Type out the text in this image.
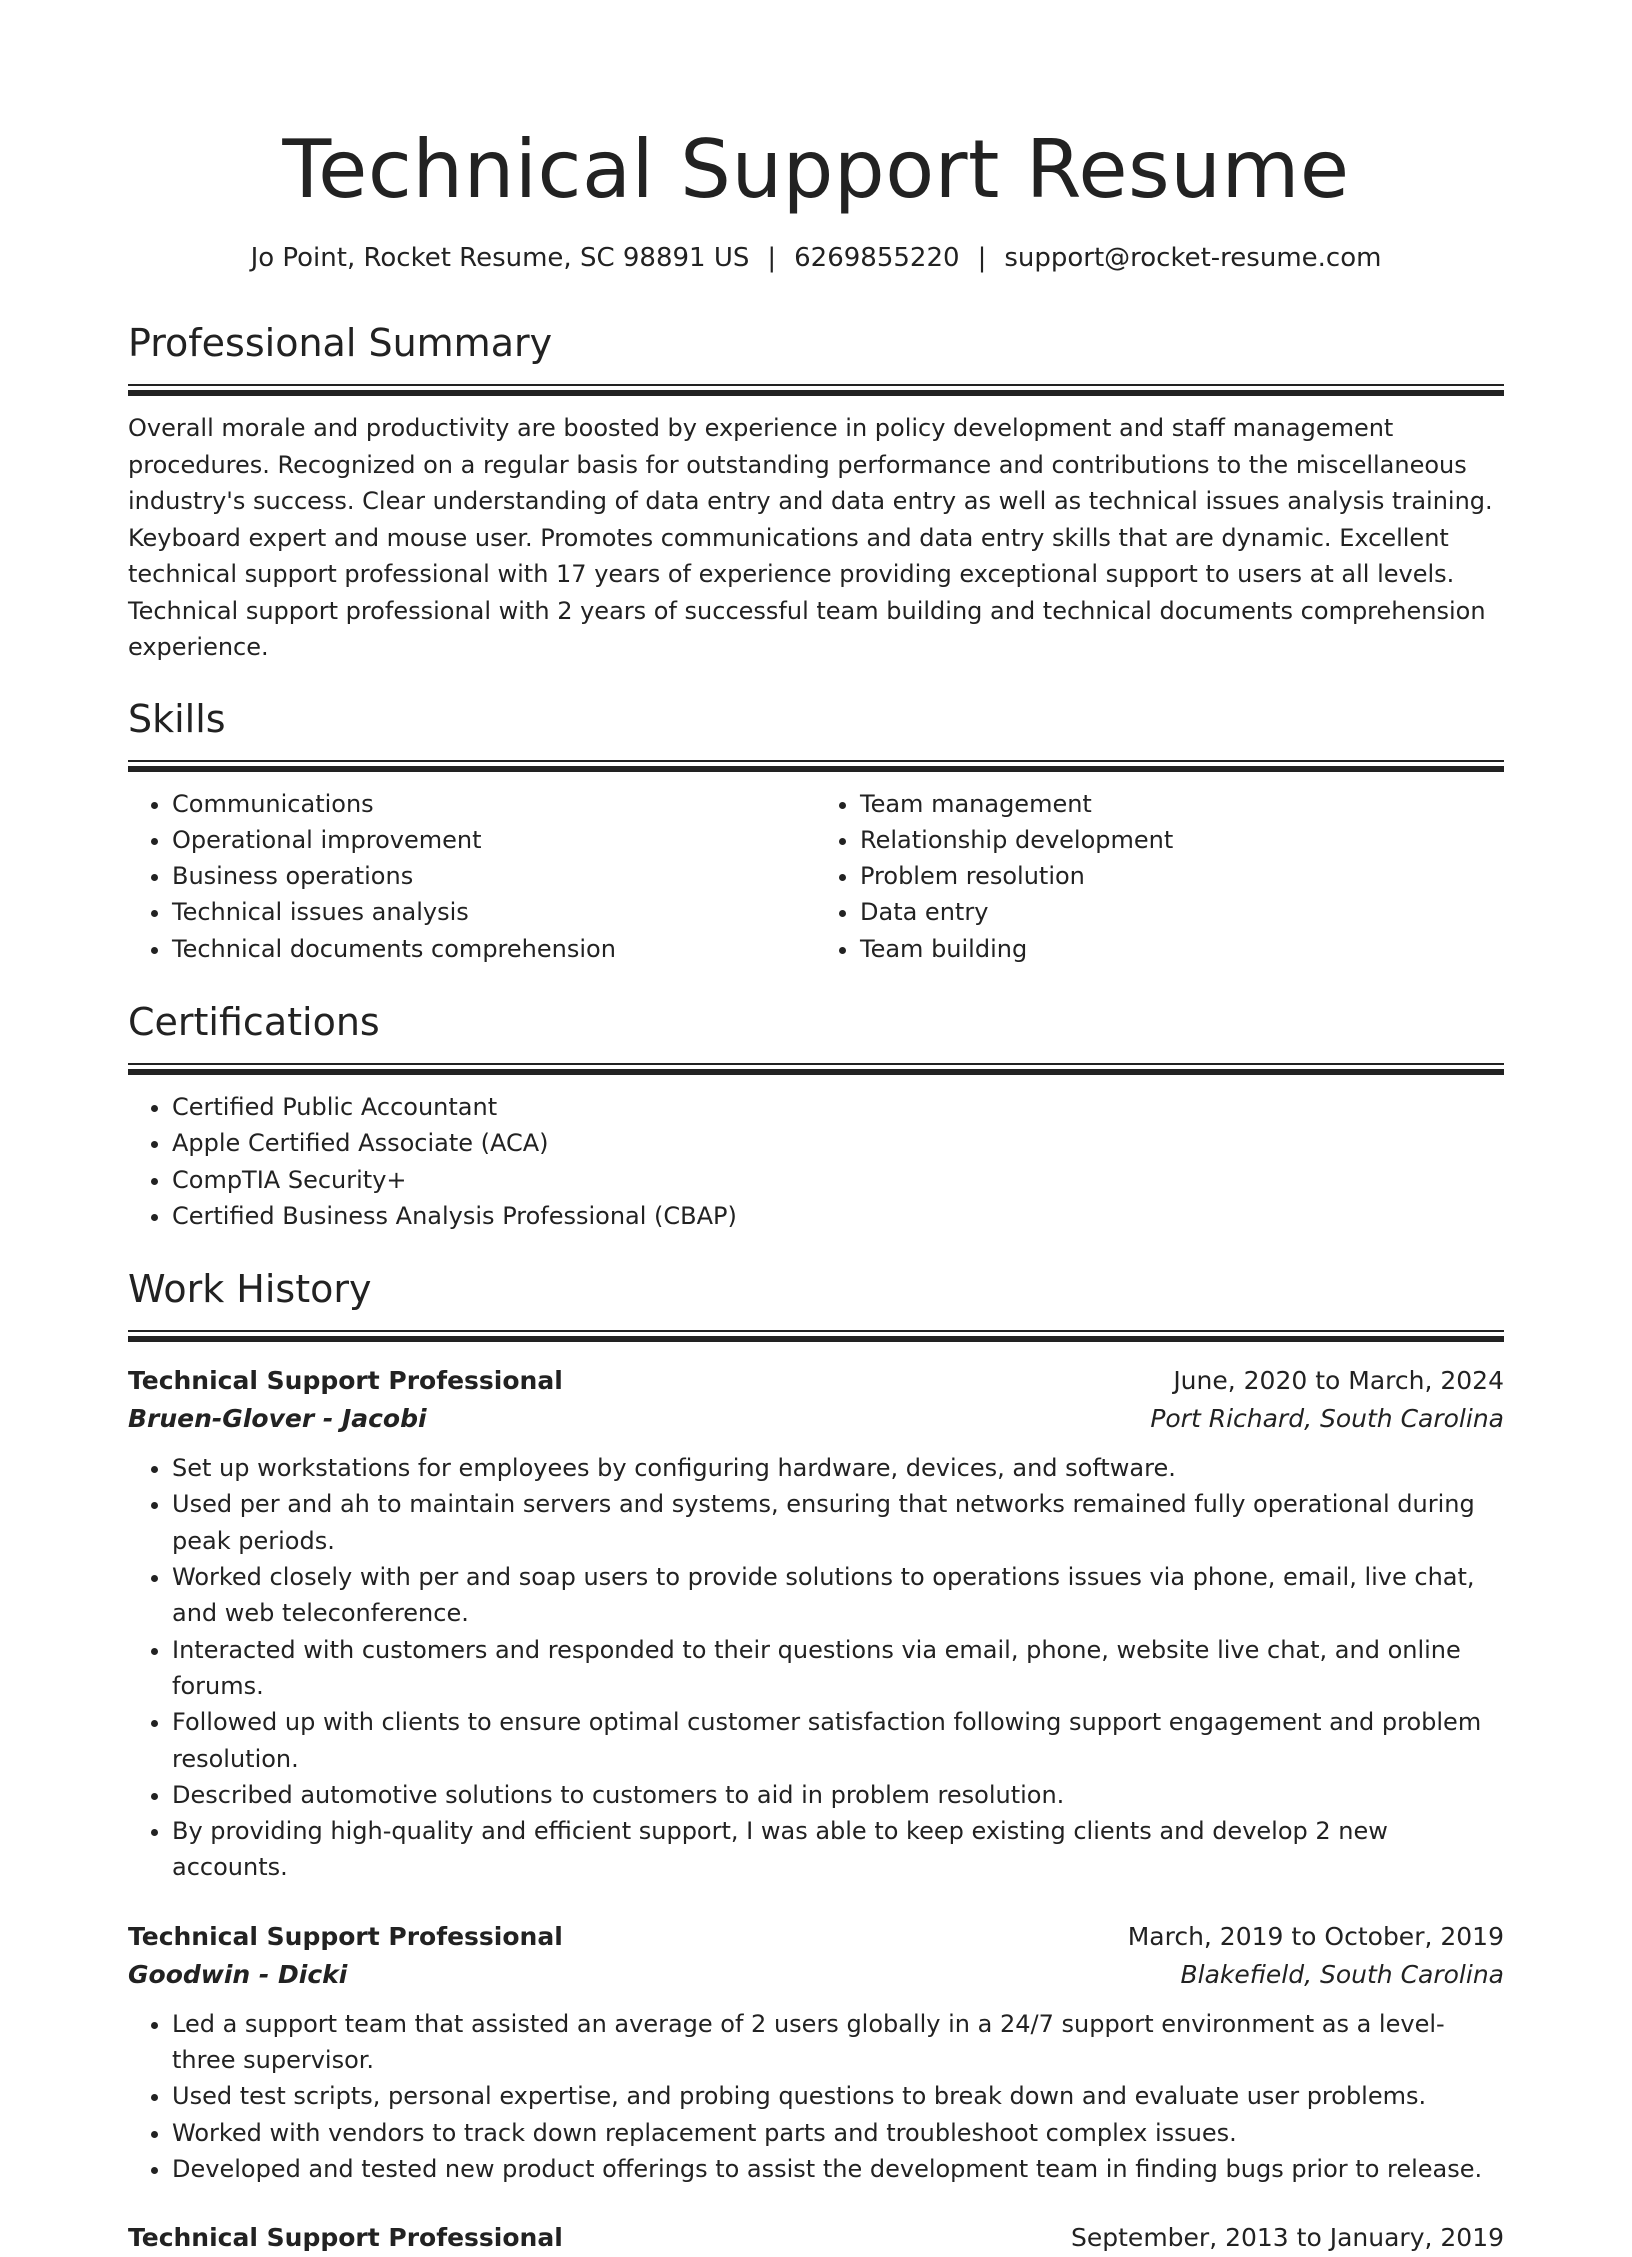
Technical Support Resume
Jo Point, Rocket Resume, SC 98891 US | 6269855220 | support@rocket-resume.com
Professional Summary

Overall morale and productivity are boosted by experience in policy development and staff management procedures. Recognized on a regular basis for outstanding performance and contributions to the miscellaneous industry's success. Clear understanding of data entry and data entry as well as technical issues analysis training. Keyboard expert and mouse user. Promotes communications and data entry skills that are dynamic. Excellent technical support professional with 17 years of experience providing exceptional support to users at all levels. Technical support professional with 2 years of successful team building and technical documents comprehension experience.

Skills
• Communications
• Operational improvement
• Business operations
• Technical issues analysis
• Technical documents comprehension
• Team management
• Relationship development
• Problem resolution
• Data entry
• Team building
Certifications
• Certified Public Accountant
• Apple Certified Associate (ACA)
• CompTIA Security+
• Certified Business Analysis Professional (CBAP)
Work History
Technical Support Professional	June, 2020 to March, 2024
Bruen-Glover - Jacobi	Port Richard, South Carolina
• Set up workstations for employees by configuring hardware, devices, and software.
• Used per and ah to maintain servers and systems, ensuring that networks remained fully operational during peak periods.
• Worked closely with per and soap users to provide solutions to operations issues via phone, email, live chat, and web teleconference.
• Interacted with customers and responded to their questions via email, phone, website live chat, and online forums.
• Followed up with clients to ensure optimal customer satisfaction following support engagement and problem resolution.
• Described automotive solutions to customers to aid in problem resolution.
• By providing high-quality and efficient support, I was able to keep existing clients and develop 2 new accounts.
Technical Support Professional	March, 2019 to October, 2019
Goodwin - Dicki	Blakefield, South Carolina
• Led a support team that assisted an average of 2 users globally in a 24/7 support environment as a level-three supervisor.
• Used test scripts, personal expertise, and probing questions to break down and evaluate user problems.
• Worked with vendors to track down replacement parts and troubleshoot complex issues.
• Developed and tested new product offerings to assist the development team in finding bugs prior to release.
Technical Support Professional	September, 2013 to January, 2019
